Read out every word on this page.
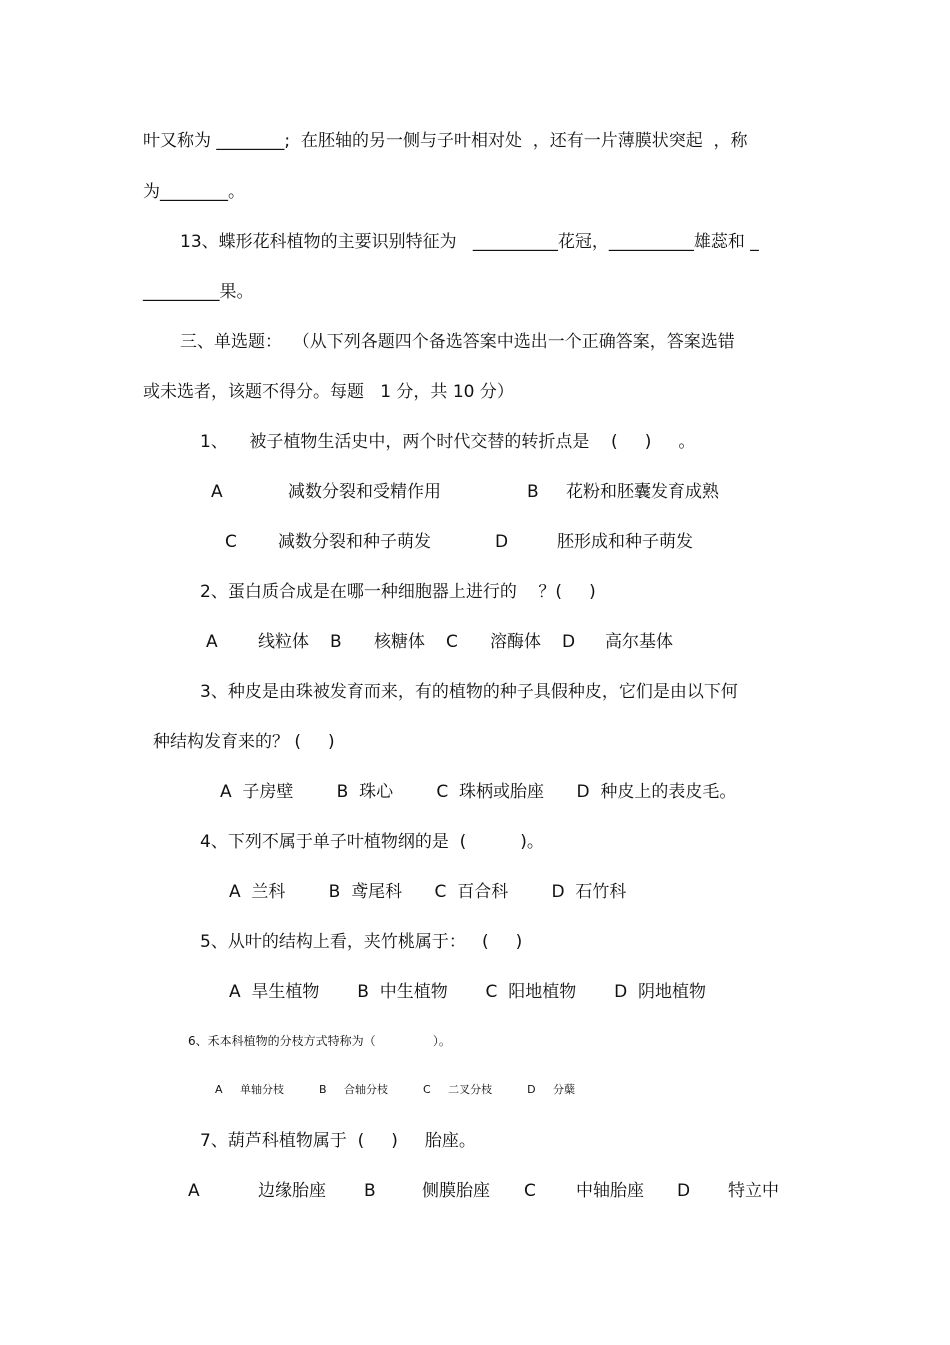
叶又称为 ________;  在胚轴的另一侧与子叶相对处  ，还有一片薄膜状突起  ，称
为________。
13、蝶形花科植物的主要识别特征为   __________花冠，__________雄蕊和 _
_________果。
三、单选题：  （从下列各题四个备选答案中选出一个正确答案，答案选错
或未选者，该题不得分。每题   1 分，共 10 分）
1、    被子植物生活史中，两个时代交替的转折点是    (     )     。
A	减数分裂和受精作用	B 花粉和胚囊发育成熟
C 减数分裂和种子萌发	D	胚形成和种子萌发
2、蛋白质合成是在哪一种细胞器上进行的    ？(     )
A 线粒体 B 核糖体 C 溶酶体 D 高尔基体
3、种皮是由珠被发育而来，有的植物的种子具假种皮，它们是由以下何
种结构发育来的？ (     )
A  子房壁        B  珠心        C  珠柄或胎座      D  种皮上的表皮毛。
4、下列不属于单子叶植物纲的是  (          )。
A  兰科        B  鸢尾科      C  百合科        D  石竹科
5、从叶的结构上看，夹竹桃属于：   (     )
A  旱生植物       B  中生植物       C  阳地植物       D  阴地植物
6、禾本科植物的分枝方式特称为（               ）。
A     单轴分枝          B     合轴分枝          C     二叉分枝          D     分蘖
7、葫芦科植物属于  (     )     胎座。
A	边缘胎座 B	侧膜胎座 C 中轴胎座 D 特立中
